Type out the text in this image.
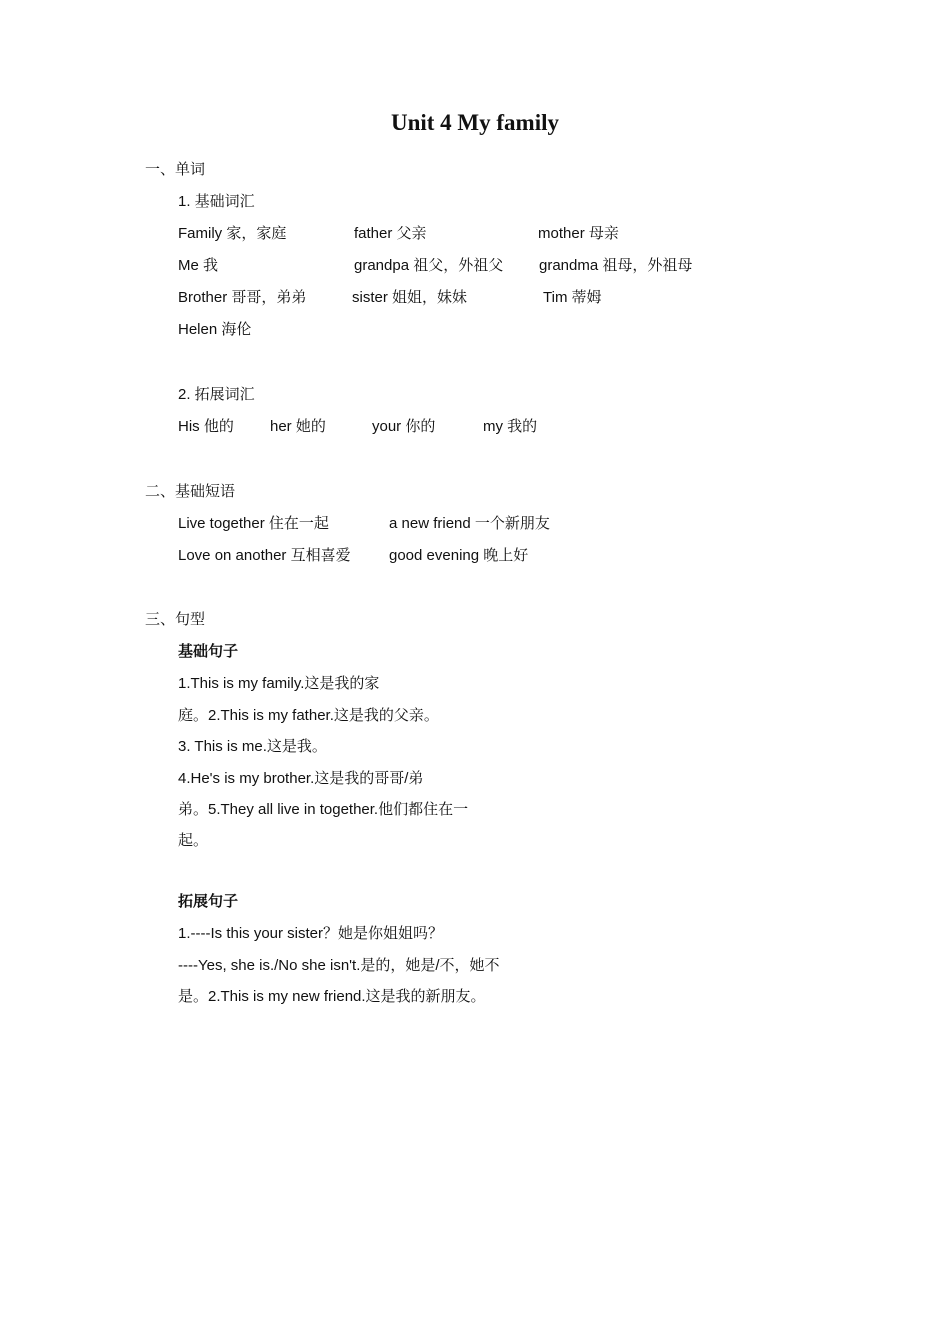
Unit 4 My family
一、单词
1. 基础词汇
Family 家，家庭	father 父亲	mother 母亲
Me 我	grandpa 祖父，外祖父 grandma 祖母，外祖母
Brother 哥哥，弟弟	sister 姐姐，妹妹	Tim 蒂姆
Helen 海伦
2. 拓展词汇
His 他的 her 她的	your 你的	my 我的
二、基础短语
Live together 住在一起	a new friend 一个新朋友
Love on another 互相喜爱	good evening 晚上好
三、句型
基础句子
1.This is my family.这是我的家
庭。2.This is my father.这是我的父亲。
3. This is me.这是我。
4.He's is my brother.这是我的哥哥/弟
弟。5.They all live in together.他们都住在一
起。
拓展句子
1.----Is this your sister？她是你姐姐吗？
----Yes, she is./No she isn't.是的，她是/不，她不
是。2.This is my new friend.这是我的新朋友。
